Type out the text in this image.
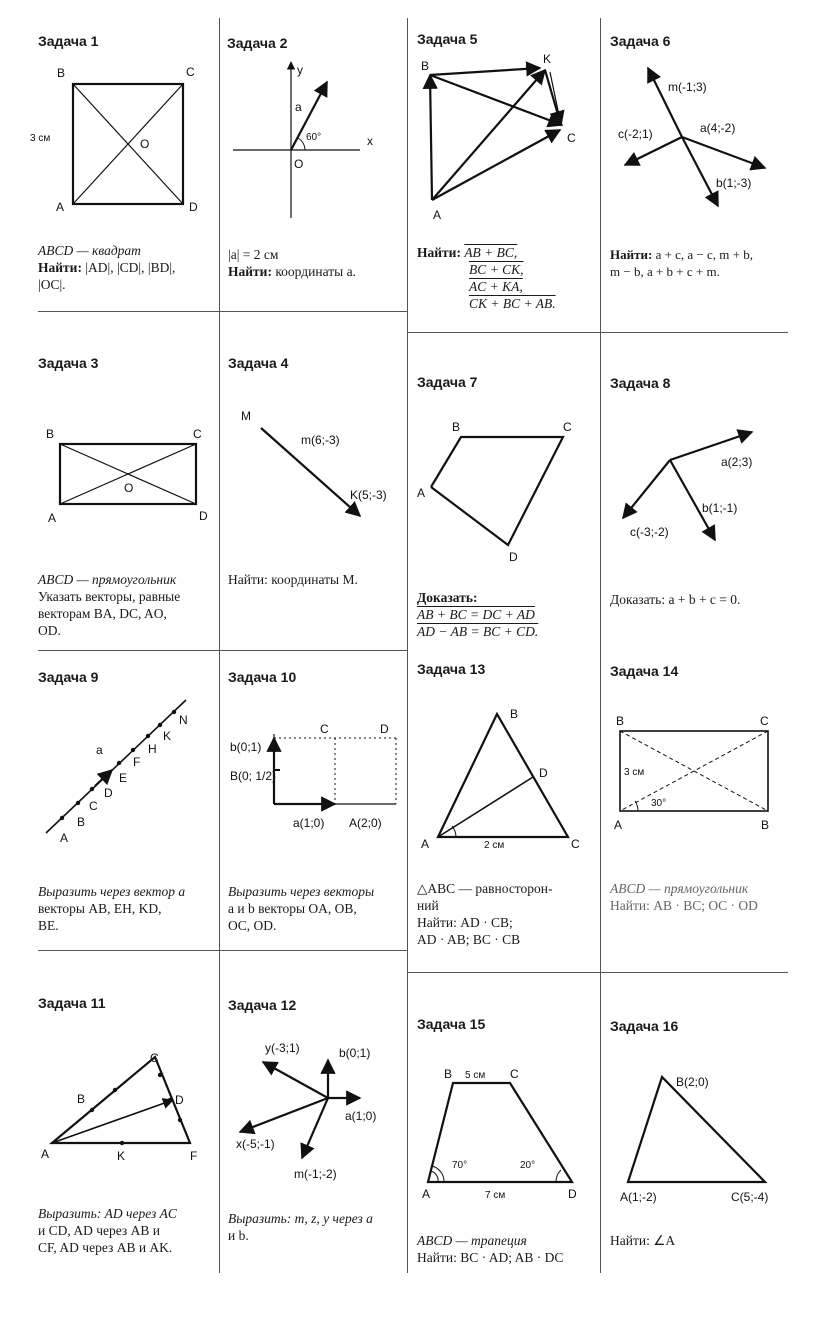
Задача 1	Задача 2	Задача 5	Задача 6
Задача 3	Задача 4
Задача 7	Задача 8
Задача 9	Задача 10	Задача 13	Задача 14
Задача 11	Задача 12
Задача 15	Задача 16
B	C
A	D
O
3 см
y
x
O
a
60°
B	K
C
A
m(-1;3)
c(-2;1)	a(4;-2)
b(1;-3)
B	C
A	D
O
M
m(6;-3)
K(5;-3)
B	C
A
D
a(2;3)
b(1;-1)
c(-3;-2)
A
B
C
D
E
F
H
K
N
a
C	D
b(0;1)
B(0; 1/2)
a(1;0) A(2;0)
B
D
A	C
2 см
B	C
A	B
3 см
30°
C
B	D
A	K	F
y(-3;1)	b(0;1)
a(1;0)
x(-5;-1)
m(-1;-2)
B	C
A	D
5 см
7 см
70°	20°
B(2;0)
A(1;-2)	C(5;-4)
ABCD — квадрат
Найти: |AD|, |CD|, |BD|,
|OC|.
|a| = 2 см
Найти: координаты a.
Найти: AB + BC,
BC + CK,
AC + KA,
CK + BC + AB.
Найти: a + c, a − c, m + b,
m − b, a + b + c + m.
ABCD — прямоугольник
Указать векторы, равные
векторам BA, DC, AO,
OD.
Найти: координаты M.
Доказать:
AB + BC = DC + AD
AD − AB = BC + CD.
Доказать: a + b + c = 0.
Выразить через вектор a
векторы AB, EH, KD,
BE.
Выразить через векторы
a и b векторы OA, OB,
OC, OD.
△ABC — равносторон-
ний
Найти: AD · CB;
AD · AB; BC · CB
ABCD — прямоугольник
Найти: AB · BC; OC · OD
Выразить: AD через AC
и CD, AD через AB и
CF, AD через AB и AK.
Выразить: m, z, y через a
и b.	ABCD — трапеция
Найти: BC · AD; AB · DC
Найти: ∠A
